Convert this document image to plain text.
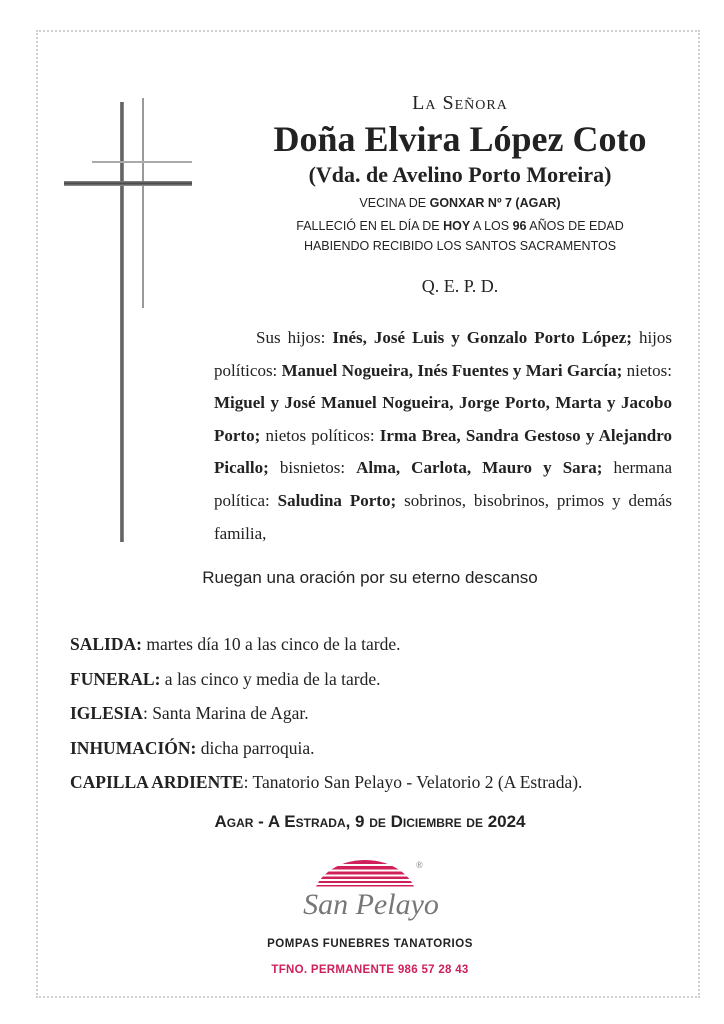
La Señora
Doña Elvira López Coto
(Vda. de Avelino Porto Moreira)
VECINA DE GONXAR Nº 7 (AGAR)
FALLECIÓ EN EL DÍA DE HOY A LOS 96 AÑOS DE EDAD
HABIENDO RECIBIDO LOS SANTOS SACRAMENTOS
Q. E. P. D.
Sus hijos: Inés, José Luis y Gonzalo Porto López; hijos políticos: Manuel Nogueira, Inés Fuentes y Mari García; nietos: Miguel y José Manuel Nogueira, Jorge Porto, Marta y Jacobo Porto; nietos políticos: Irma Brea, Sandra Gestoso y Alejandro Picallo; bisnietos: Alma, Carlota, Mauro y Sara; hermana política: Saludina Porto; sobrinos, bisobrinos, primos y demás familia,
Ruegan una oración por su eterno descanso
SALIDA: martes día 10 a las cinco de la tarde.
FUNERAL: a las cinco y media de la tarde.
IGLESIA: Santa Marina de Agar.
INHUMACIÓN: dicha parroquia.
CAPILLA ARDIENTE: Tanatorio San Pelayo - Velatorio 2 (A Estrada).
Agar - A Estrada, 9 de Diciembre de 2024
San Pelayo
®
POMPAS FUNEBRES TANATORIOS
TFNO. PERMANENTE 986 57 28 43
